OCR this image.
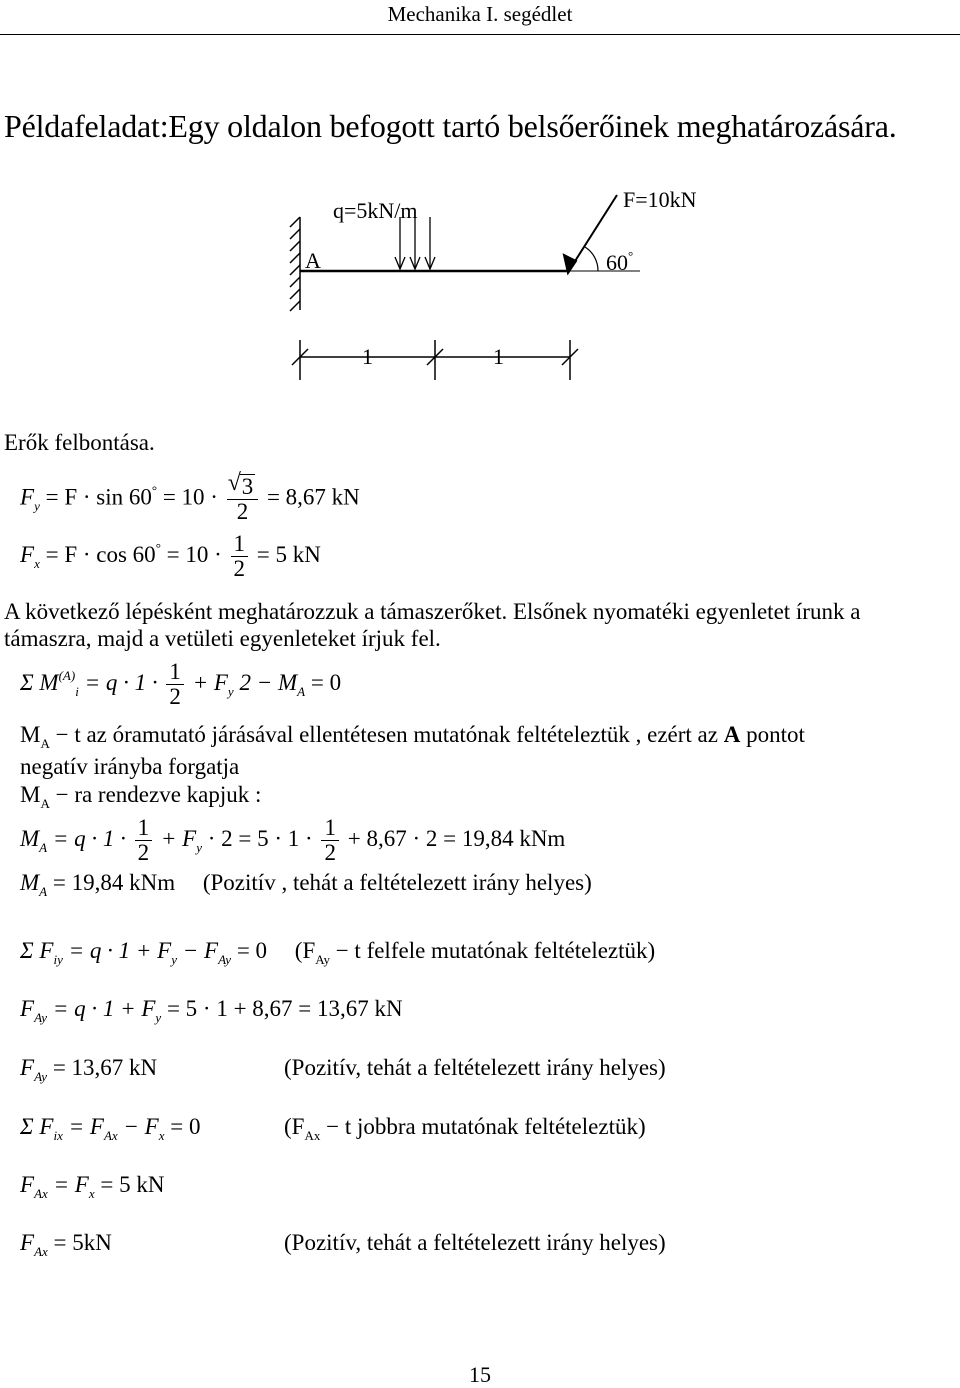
Mechanika I. segédlet
Példafeladat:Egy oldalon befogott tartó belsőerőinek meghatározására.
q=5kN/m	F=10kN
A	60°
1	1
Erők felbontása.
$F_y = F \cdot \sin 60^\circ = 10$ ·
√ $\frac{3}{2} = 8,67$ kN
$F_x = F \cdot \cos 60^\circ = 10 \cdot \frac{1}{2} = 5$ kN
A következő lépésként meghatározzuk a támaszerőket. Elsőnek nyomatéki egyenletet írunk a
támaszra, majd a vetületi egyenleteket írjuk fel.
Σ $M^{(A)}_i = q \cdot 1 \cdot \frac{1}{2} + F_y$ $2 - M_A = 0$
$M_A - t$ az óramutató járásával ellentétesen mutatónak feltételeztük , ezért az A pontot
negatív irányba forgatja
$M_A$ − ra rendezve kapjuk :
$M_A = q \cdot 1 \cdot \frac{1}{2} + F_y \cdot 2 = 5 \cdot 1 \cdot \frac{1}{2} + 8,67 \cdot 2 = 19,84$ kNm
$M_A = 19,84$ kNm (Pozitív , tehát a feltételezett irány helyes)
Σ $F_{iy} = q \cdot 1 + F_y - F_{Ay} = 0$ ($F_{Ay} - t$ felfele mutatónak feltételeztük)
$F_{Ay} = q \cdot 1 + F_y = 5 \cdot 1 + 8,67 = 13,67$ kN
$F_{Ay} = 13,67$ kN	(Pozitív, tehát a feltételezett irány helyes)
Σ $F_{ix} = F_{Ax} - F_x = 0$	($F_{Ax} - t$ jobbra mutatónak feltételeztük)
$F_{Ax} = F_x = 5$ kN
$F_{Ax} = 5kN$	(Pozitív, tehát a feltételezett irány helyes)
15
